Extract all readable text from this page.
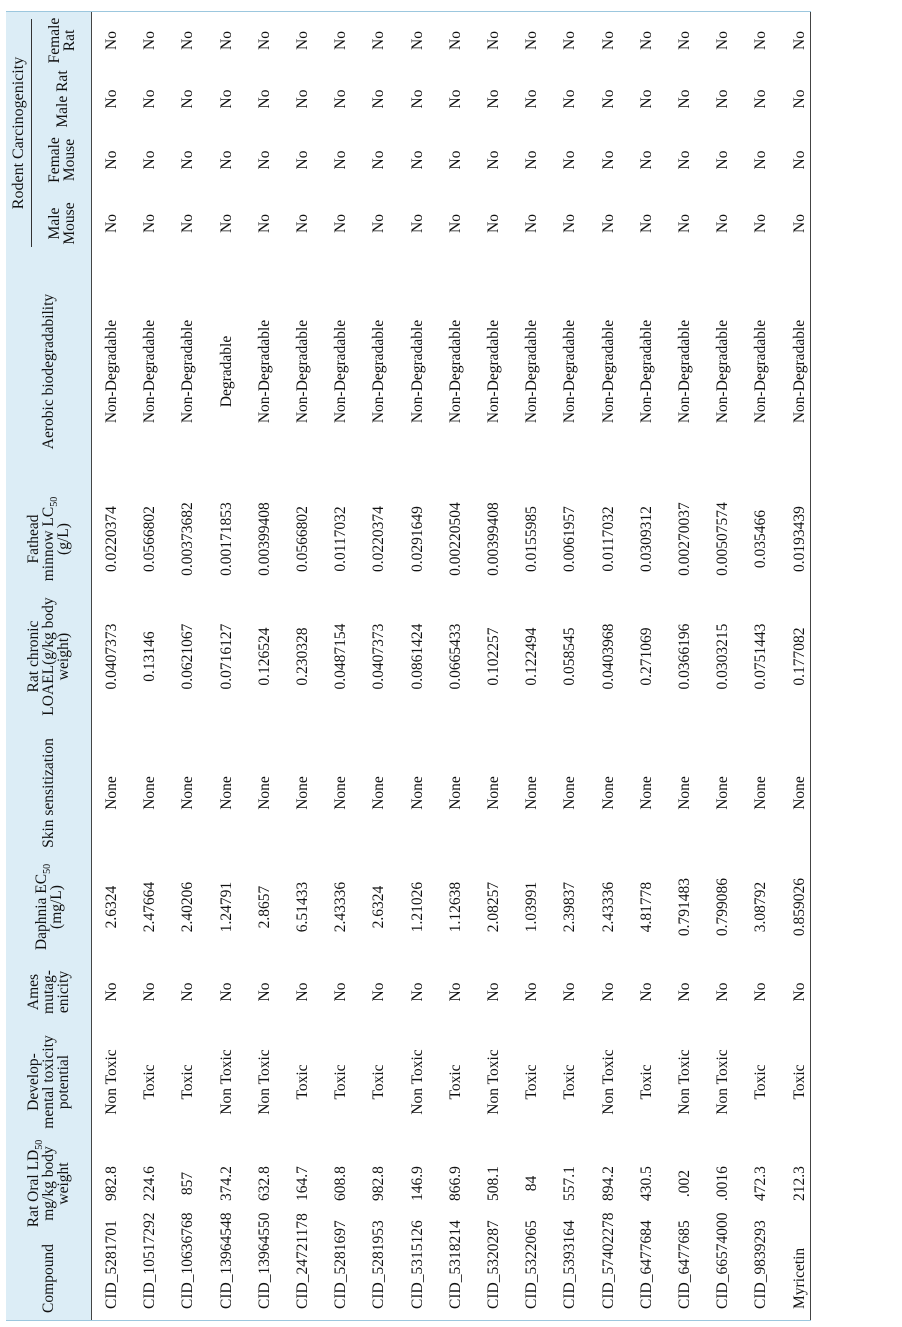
Rodent Carcinogenicity
Compound
Rat Oral $LD_{50}$
mg/kg body weight
Develop-mental toxicity potential
Ames mutag-enicity
Daphnia $EC_{50}$
(mg/L)
Skin sensitization
Rat chronic LOAEL(g/kg body weight)
Fathead minnow $LC_{50}$
(g/L)
Aerobic biodegradability
Male Mouse
Female Mouse
Male Rat
Female Rat
CID_5281701
982.8
Non Toxic
No
2.6324
None
0.0407373
0.0220374
Non-Degradable
No
No
No
No
CID_10517292
224.6
Toxic
No
2.47664
None
0.13146
0.0566802
Non-Degradable
No
No
No
No
CID_10636768
857
Toxic
No
2.40206
None
0.0621067
0.00373682
Non-Degradable
No
No
No
No
CID_13964548
374.2
Non Toxic
No
1.24791
None
0.0716127
0.00171853
Degradable
No
No
No
No
CID_13964550
632.8
Non Toxic
No
2.8657
None
0.126524
0.00399408
Non-Degradable
No
No
No
No
CID_24721178
164.7
Toxic
No
6.51433
None
0.230328
0.0566802
Non-Degradable
No
No
No
No
CID_5281697
608.8
Toxic
No
2.43336
None
0.0487154
0.0117032
Non-Degradable
No
No
No
No
CID_5281953
982.8
Toxic
No
2.6324
None
0.0407373
0.0220374
Non-Degradable
No
No
No
No
CID_5315126
146.9
Non Toxic
No
1.21026
None
0.0861424
0.0291649
Non-Degradable
No
No
No
No
CID_5318214
866.9
Toxic
No
1.12638
None
0.0665433
0.00220504
Non-Degradable
No
No
No
No
CID_5320287
508.1
Non Toxic
No
2.08257
None
0.102257
0.00399408
Non-Degradable
No
No
No
No
CID_5322065
84
Toxic
No
1.03991
None
0.122494
0.0155985
Non-Degradable
No
No
No
No
CID_5393164
557.1
Toxic
No
2.39837
None
0.058545
0.0061957
Non-Degradable
No
No
No
No
CID_57402278
894.2
Non Toxic
No
2.43336
None
0.0403968
0.0117032
Non-Degradable
No
No
No
No
CID_6477684
430.5
Toxic
No
4.81778
None
0.271069
0.0309312
Non-Degradable
No
No
No
No
CID_6477685
.002
Non Toxic
No
0.791483
None
0.0366196
0.00270037
Non-Degradable
No
No
No
No
CID_66574000
.0016
Non Toxic
No
0.799086
None
0.0303215
0.00507574
Non-Degradable
No
No
No
No
CID_9839293
472.3
Toxic
No
3.08792
None
0.0751443
0.035466
Non-Degradable
No
No
No
No
Myricetin
212.3
Toxic
No
0.859026
None
0.177082
0.0193439
Non-Degradable
No
No
No
No
